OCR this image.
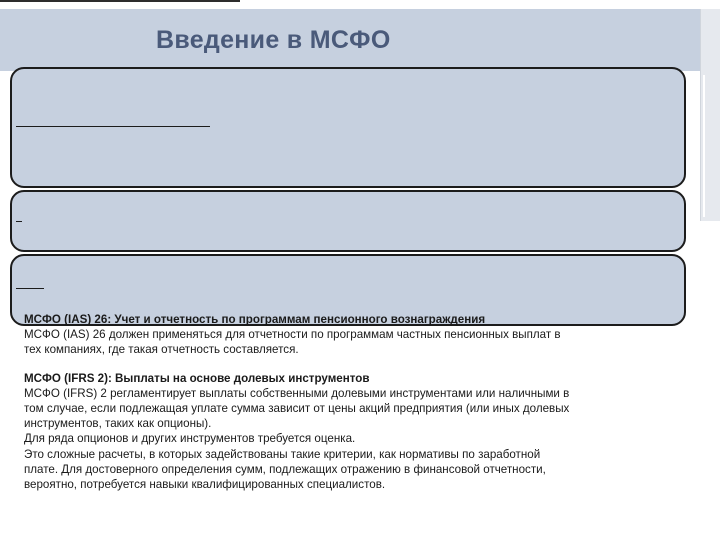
Введение в МСФО

МСФО (IAS) 26: Учет и отчетность по программам пенсионного вознаграждения

МСФО (IAS) 26 должен применяться для отчетности по программам частных пенсионных выплат в

тех компаниях, где такая отчетность составляется.

МСФО (IFRS 2): Выплаты на основе долевых инструментов

МСФО (IFRS) 2 регламентирует выплаты собственными долевыми инструментами или наличными в

том случае, если подлежащая уплате сумма зависит от цены акций предприятия (или иных долевых

инструментов, таких как опционы).

Для ряда опционов и других инструментов требуется оценка.

Это сложные расчеты, в которых задействованы такие критерии, как нормативы по заработной

плате. Для достоверного определения сумм, подлежащих отражению в финансовой отчетности,

вероятно, потребуется навыки квалифицированных специалистов.
